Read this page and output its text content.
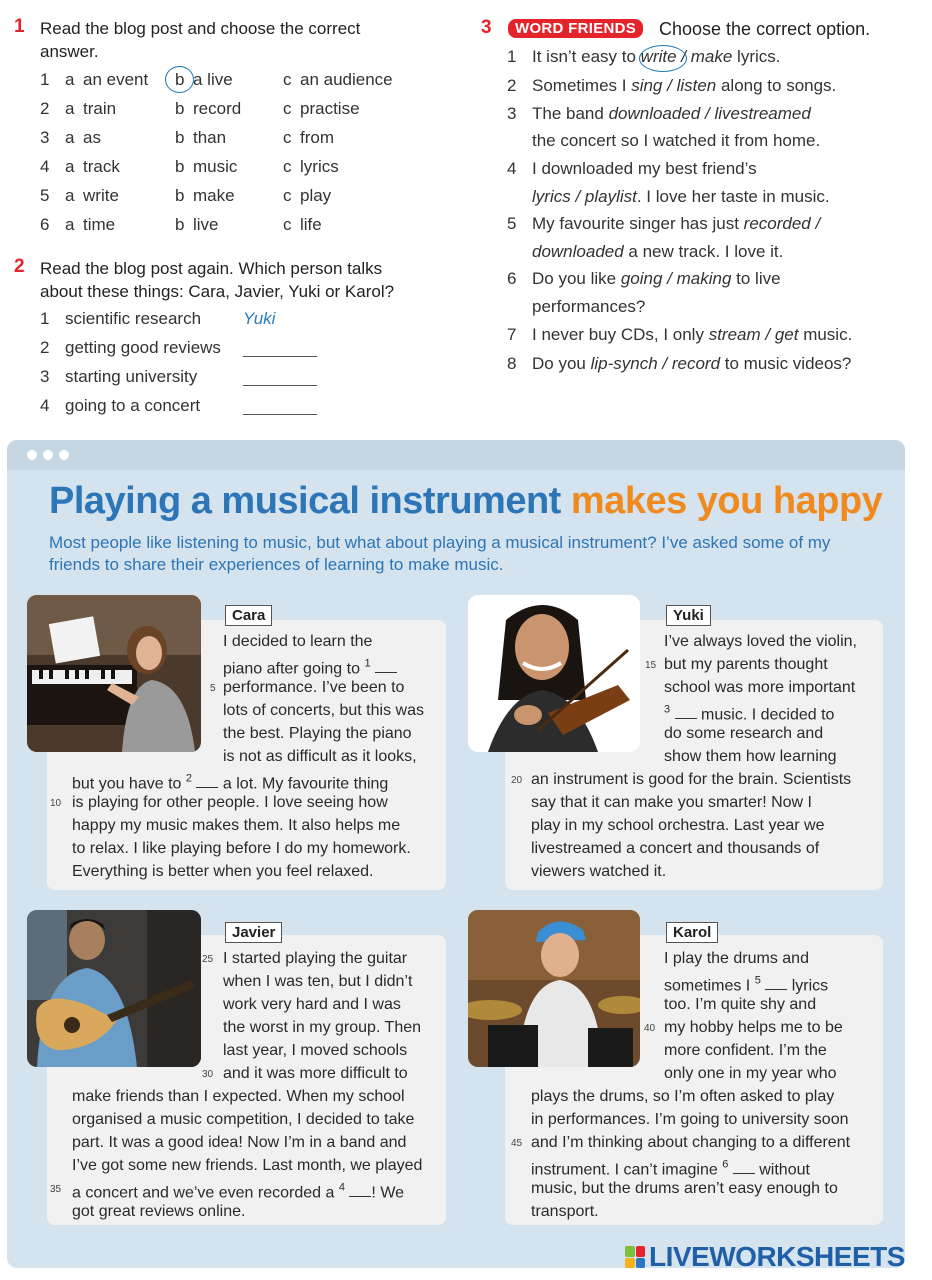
1 Read the blog post and choose the correct
answer.
1 a an event b a live	c an audience
2 a train	b record c practise
3 a as	b than	c from
4 a track	b music	c lyrics
5 a write	b make	c play
6 a time	b live	c life
2 Read the blog post again. Which person talks
about these things: Cara, Javier, Yuki or Karol?
1 scientific research Yuki
2 getting good reviews
3 starting university
4 going to a concert
3	WORD FRIENDS	Choose the correct option.
1 It isn’t easy to write / make lyrics.
2 Sometimes I sing / listen along to songs.
3 The band downloaded / livestreamed
the concert so I watched it from home.
4 I downloaded my best friend’s
lyrics / playlist. I love her taste in music.
5 My favourite singer has just recorded /
downloaded a new track. I love it.
6 Do you like going / making to live
performances?
7 I never buy CDs, I only stream / get music.
8 Do you lip-synch / record to music videos?
Playing a musical instrument makes you happy
Most people like listening to music, but what about playing a musical instrument? I’ve asked some of my
friends to share their experiences of learning to make music.
Cara
I decided to learn the
piano after going to $^1$
performance. I’ve been to
5
lots of concerts, but this was
the best. Playing the piano
is not as difficult as it looks,
but you have to $^2$ a lot. My favourite thing
is playing for other people. I love seeing how
10
happy my music makes them. It also helps me
to relax. I like playing before I do my homework.
Everything is better when you feel relaxed.
Yuki
I’ve always loved the violin,
but my parents thought
15
school was more important
$^3$ music. I decided to
do some research and
show them how learning
an instrument is good for the brain. Scientists
20
say that it can make you smarter! Now I
play in my school orchestra. Last year we
livestreamed a concert and thousands of
viewers watched it.
Javier
I started playing the guitar
25
when I was ten, but I didn’t
work very hard and I was
the worst in my group. Then
last year, I moved schools
and it was more difficult to
30
make friends than I expected. When my school
organised a music competition, I decided to take
part. It was a good idea! Now I’m in a band and
I’ve got some new friends. Last month, we played
a concert and we’ve even recorded a $^4$ ! We
35
got great reviews online.
Karol
I play the drums and
sometimes I $^5$ lyrics
too. I’m quite shy and
my hobby helps me to be
40
more confident. I’m the
only one in my year who
plays the drums, so I’m often asked to play
in performances. I’m going to university soon
and I’m thinking about changing to a different
45
instrument. I can’t imagine $^6$ without
music, but the drums aren’t easy enough to
transport.
LIVEWORKSHEETS
